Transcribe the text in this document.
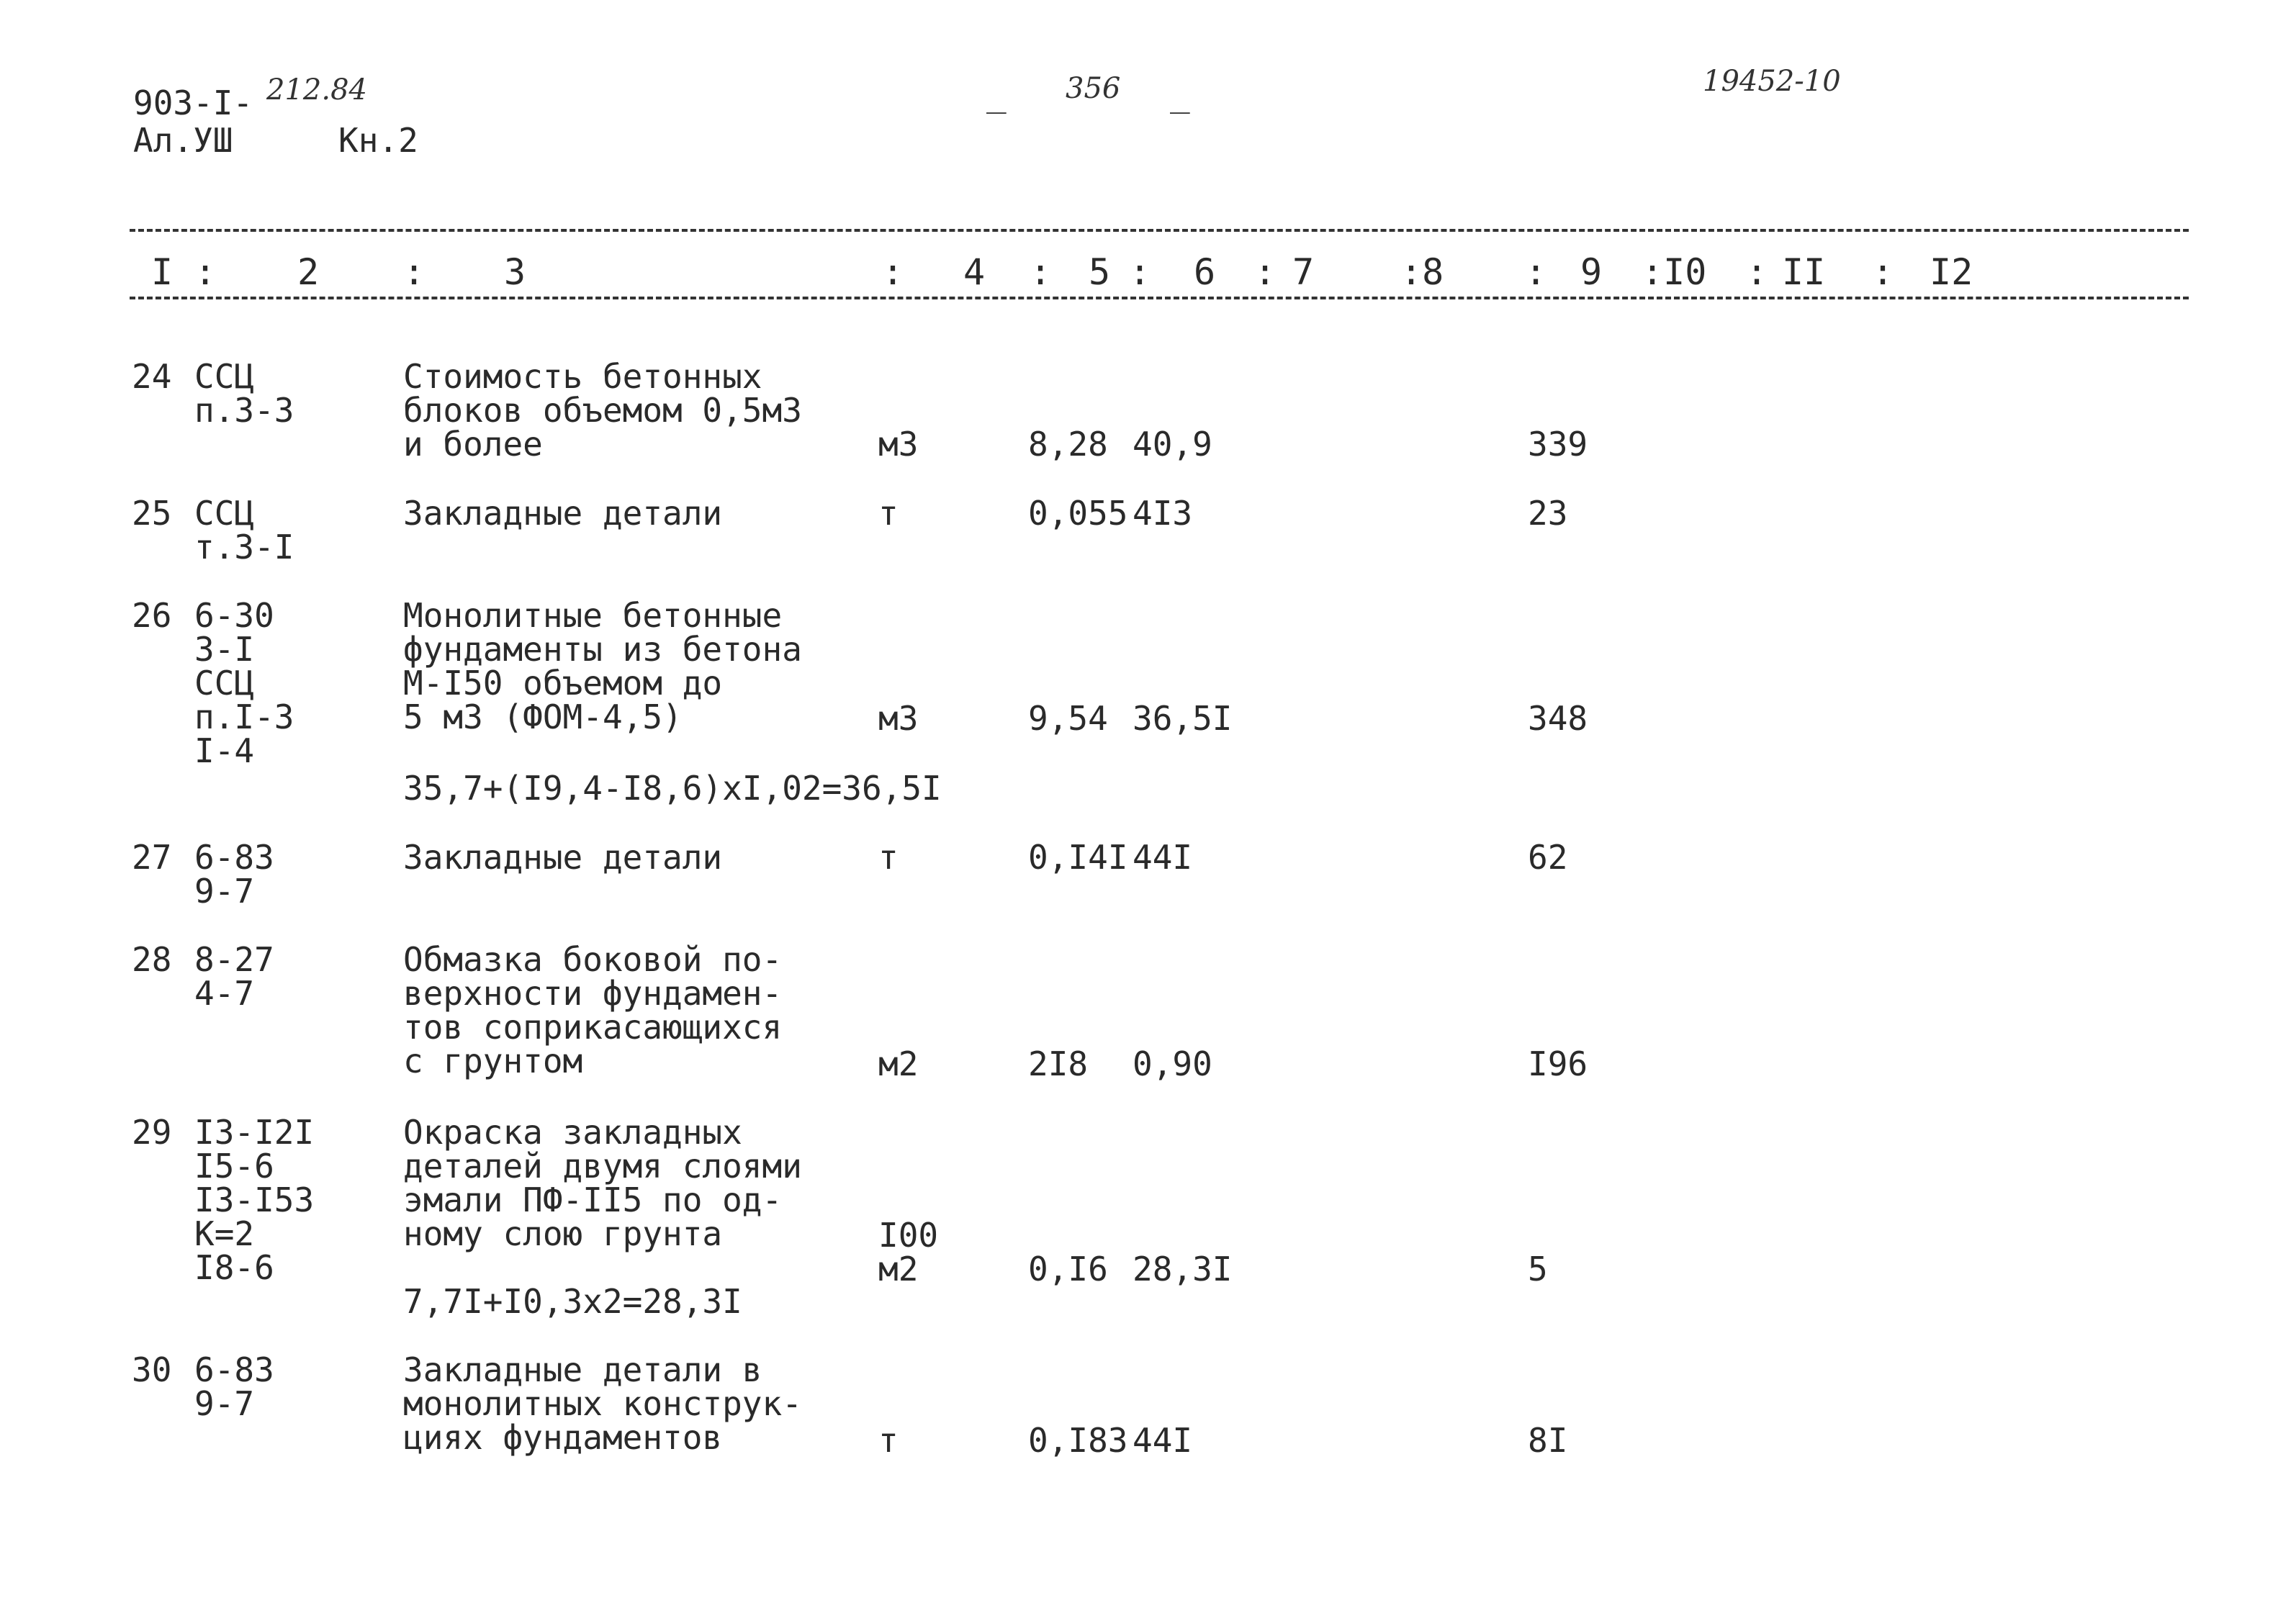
903-I- 212.84
Ал.УШ	Кн.2
_ 356 _	19452-10
I : 2 : 3	: 4 : 5 : 6 : 7 :8 : 9 :I0 : II : I2
24 ССЦ
п.3-3
Стоимость бетонных
блоков объемом 0,5м3
и более	м3	8,28 40,9	339
25 ССЦ
т.3-I
Закладные детали	т	0,055 4I3	23
26 6-30
3-I
ССЦ
п.I-3
I-4
Монолитные бетонные
фундаменты из бетона
М-I50 объемом до
5 м3 (ФОМ-4,5)	м3	9,54 36,5I	348
35,7+(I9,4-I8,6)xI,02=36,5I
27 6-83
9-7
Закладные детали	т	0,I4I 44I	62
28 8-27
4-7
Обмазка боковой по-
верхности фундамен-
тов соприкасающихся
с грунтом	м2	2I8 0,90	I96
29 I3-I2I
I5-6
I3-I53
К=2
I8-6
Окраска закладных
деталей двумя слоями
эмали ПФ-II5 по од-
ному слою грунта	I00
м2	0,I6 28,3I	5
7,7I+I0,3x2=28,3I
30 6-83
9-7
Закладные детали в
монолитных конструк-
циях фундаментов	т	0,I83 44I	8I
